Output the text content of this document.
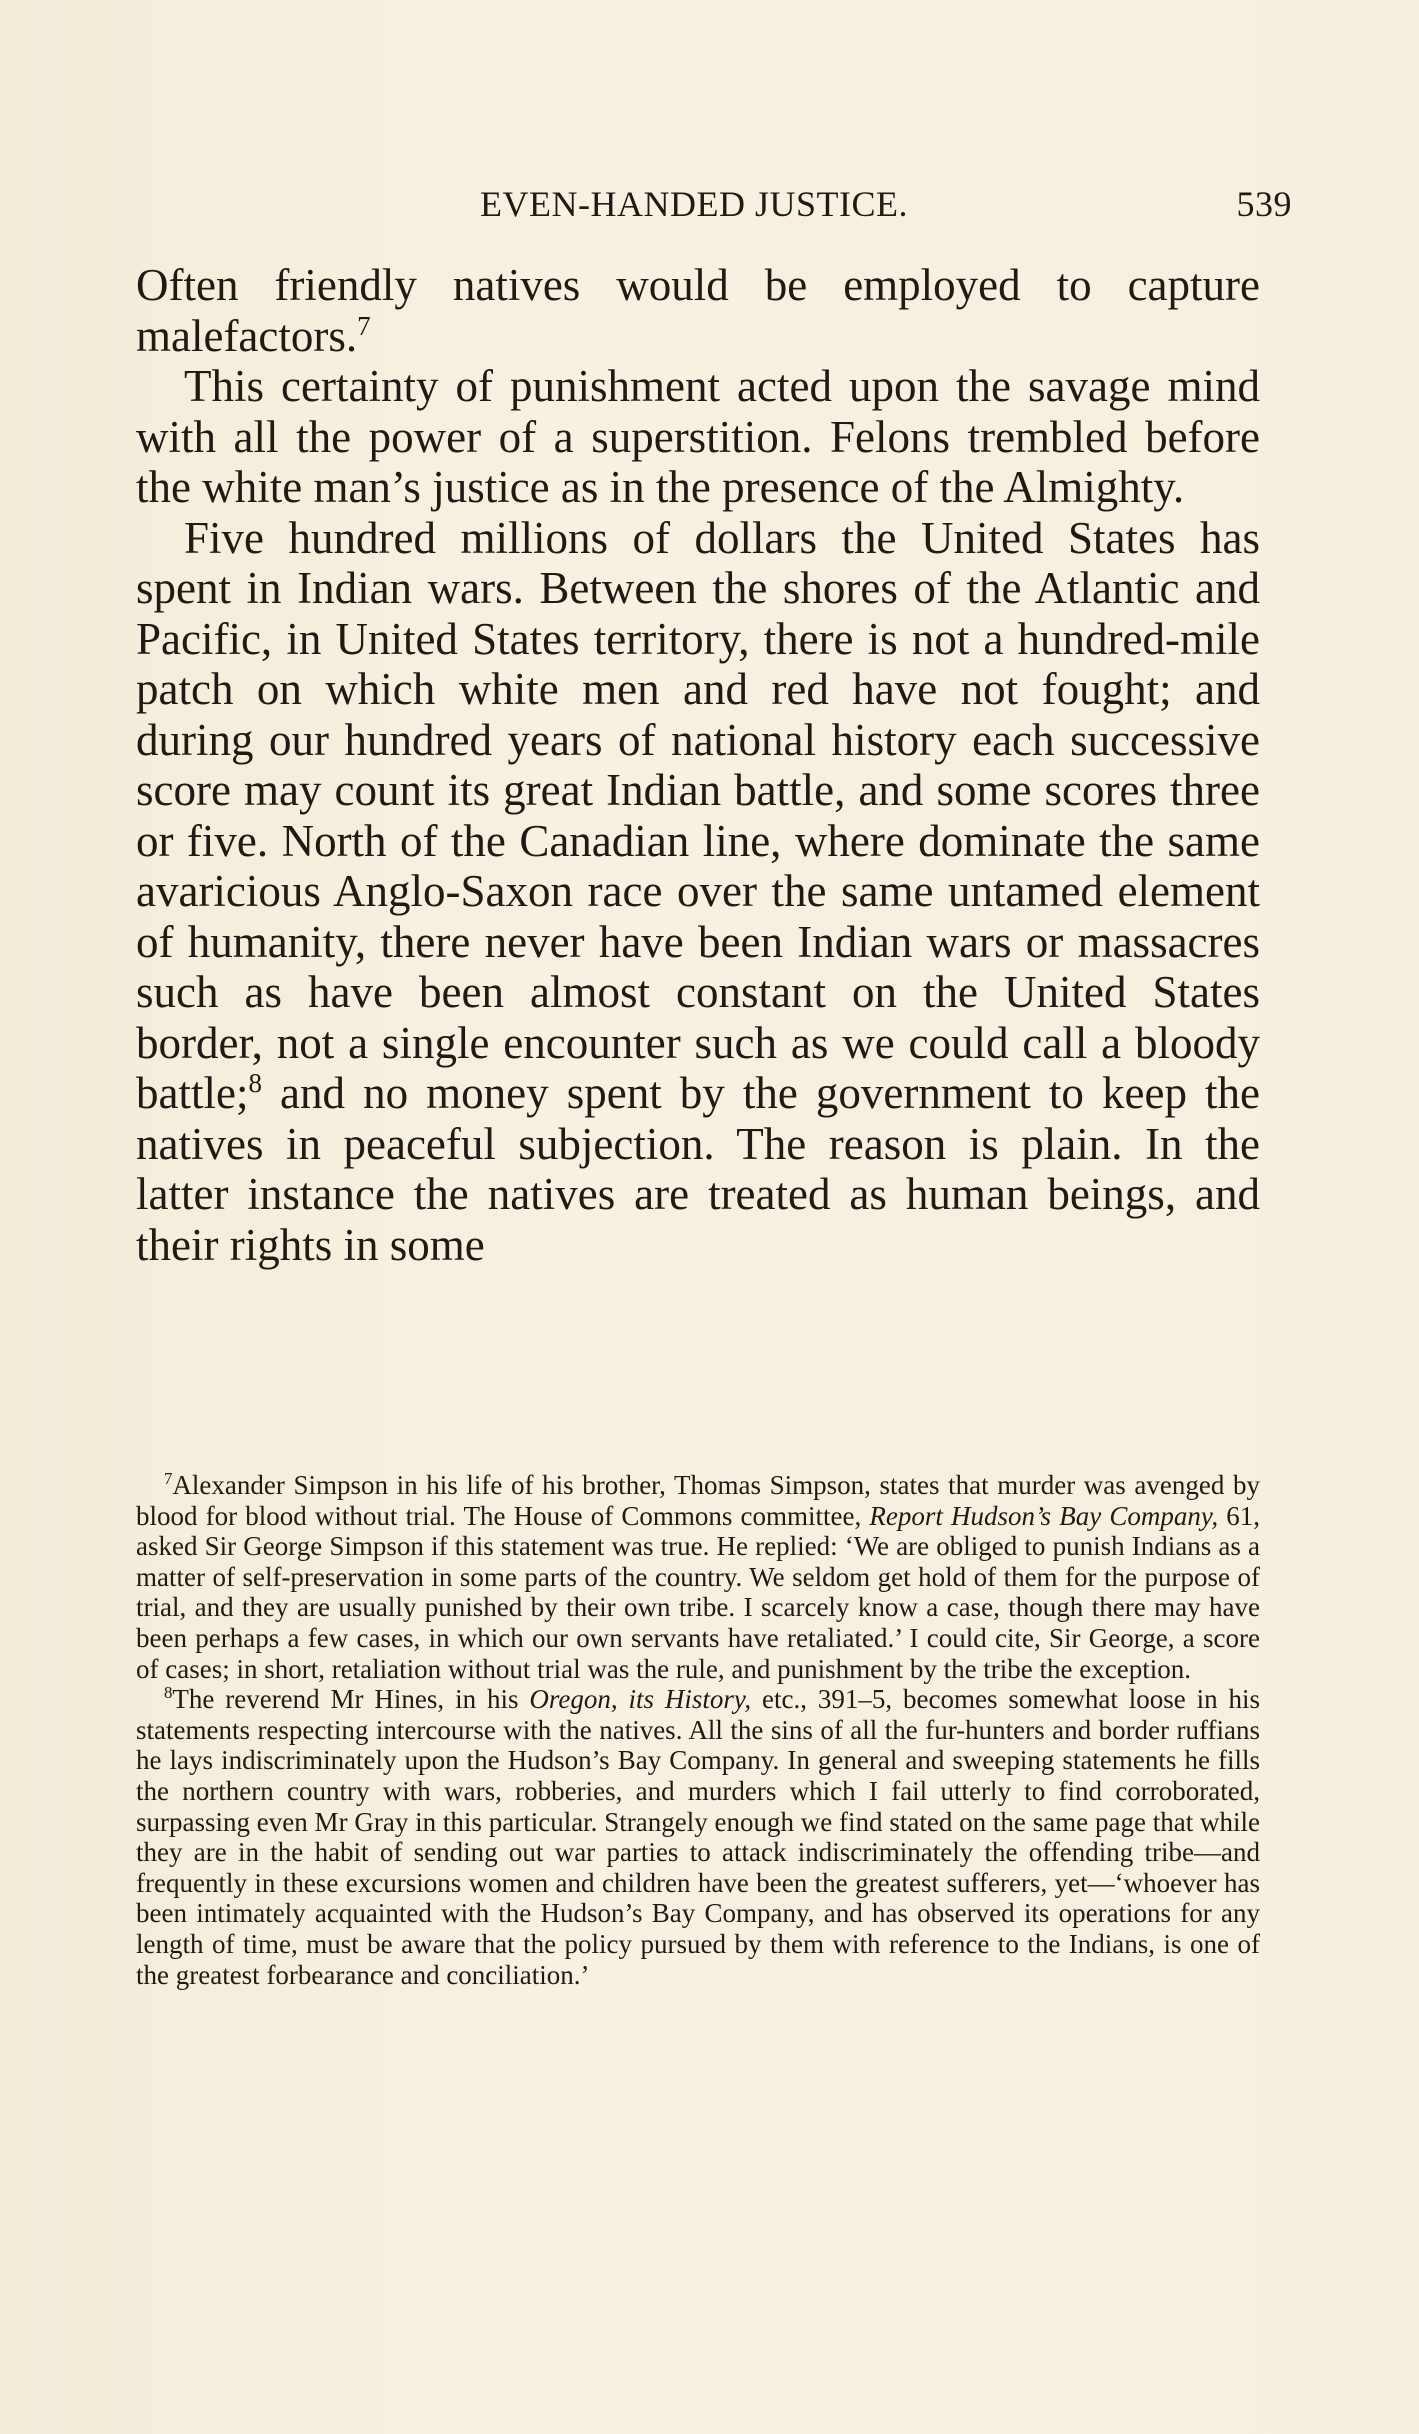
EVEN-HANDED JUSTICE.	539

Often friendly natives would be employed to capture malefactors.$^7$

This certainty of punishment acted upon the savage mind with all the power of a superstition. Felons trembled before the white man’s justice as in the presence of the Almighty.

Five hundred millions of dollars the United States has spent in Indian wars. Between the shores of the Atlantic and Pacific, in United States territory, there is not a hundred-mile patch on which white men and red have not fought; and during our hundred years of national history each successive score may count its great Indian battle, and some scores three or five. North of the Canadian line, where dominate the same avaricious Anglo-Saxon race over the same untamed element of humanity, there never have been Indian wars or massacres such as have been almost constant on the United States border, not a single encounter such as we could call a bloody battle;$^8$ and no money spent by the government to keep the natives in peaceful subjection. The reason is plain. In the latter instance the natives are treated as human beings, and their rights in some

$^7$Alexander Simpson in his life of his brother, Thomas Simpson, states that murder was avenged by blood for blood without trial. The House of Commons committee, Report Hudson’s Bay Company, 61, asked Sir George Simpson if this statement was true. He replied: ‘We are obliged to punish Indians as a matter of self-preservation in some parts of the country. We seldom get hold of them for the purpose of trial, and they are usually punished by their own tribe. I scarcely know a case, though there may have been perhaps a few cases, in which our own servants have retaliated.’ I could cite, Sir George, a score of cases; in short, retaliation without trial was the rule, and punishment by the tribe the exception.

$^8$The reverend Mr Hines, in his Oregon, its History, etc., 391–5, becomes somewhat loose in his statements respecting intercourse with the natives. All the sins of all the fur-hunters and border ruffians he lays indiscriminately upon the Hudson’s Bay Company. In general and sweeping statements he fills the northern country with wars, robberies, and murders which I fail utterly to find corroborated, surpassing even Mr Gray in this particular. Strangely enough we find stated on the same page that while they are in the habit of sending out war parties to attack indiscriminately the offending tribe—and frequently in these excursions women and children have been the greatest sufferers, yet—‘whoever has been intimately acquainted with the Hudson’s Bay Company, and has observed its operations for any length of time, must be aware that the policy pursued by them with reference to the Indians, is one of the greatest forbearance and conciliation.’
